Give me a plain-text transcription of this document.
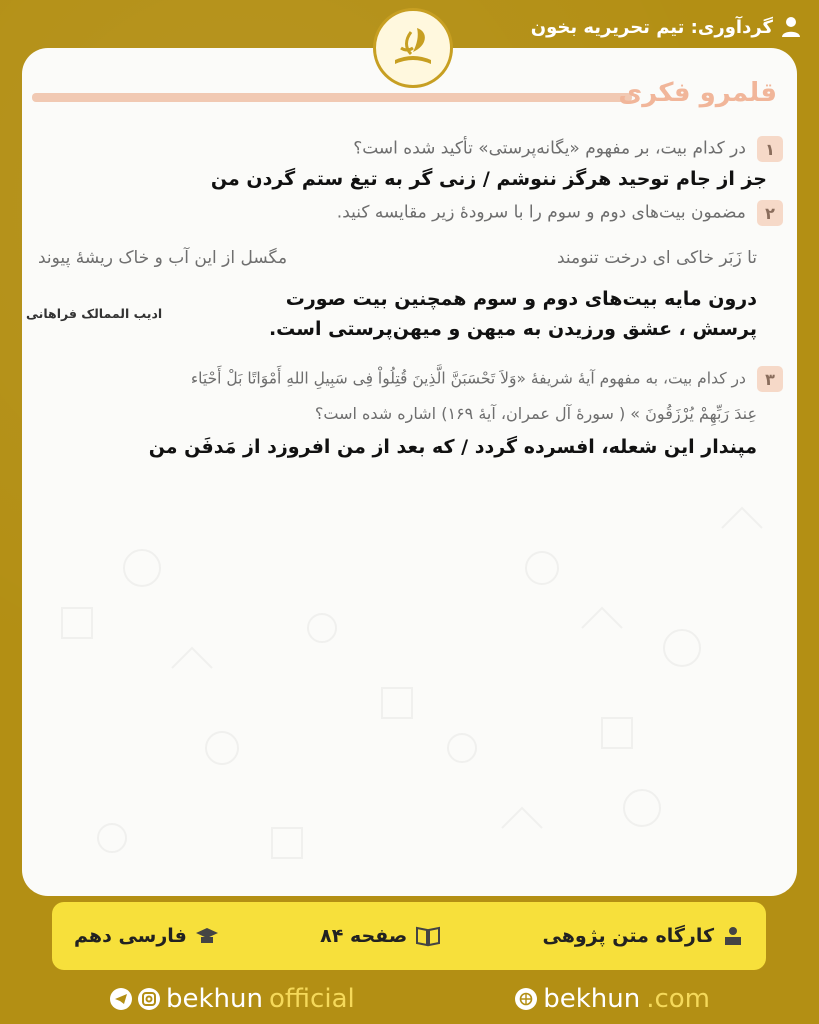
گردآوری: تیم تحریریه بخون
قلمرو فکری
۱ در کدام بیت، بر مفهوم «یگانه‌پرستی» تأکید شده است؟
جز از جام توحید هرگز ننوشم / زنی گر به تیغ ستم گردن من
۲ مضمون بیت‌های دوم و سوم را با سرودهٔ زیر مقایسه کنید.
تا زَبَر خاکی ای درخت تنومند
مگسل از این آب و خاک ریشهٔ پیوند
ادیب الممالک فراهانی
درون مایه بیت‌های دوم و سوم همچنین بیت صورت
پرسش ، عشق ورزیدن به میهن و میهن‌پرستی است.
۳ در کدام بیت، به مفهوم آیهٔ شریفهٔ «وَلاَ تَحْسَبَنَّ الَّذِینَ قُتِلُواْ فِی سَبِیلِ اللهِ أَمْوَاتًا بَلْ أَحْیَاء
عِندَ رَبِّهِمْ یُرْزَقُونَ » ( سورهٔ آل عمران، آیهٔ ۱۶۹) اشاره شده است؟
مپندار این شعله، افسرده گردد / که بعد از من افروزد از مَدفَن من
کارگاه متن پژوهی
صفحه ۸۴
فارسی دهم
bekhun official	bekhun .com
